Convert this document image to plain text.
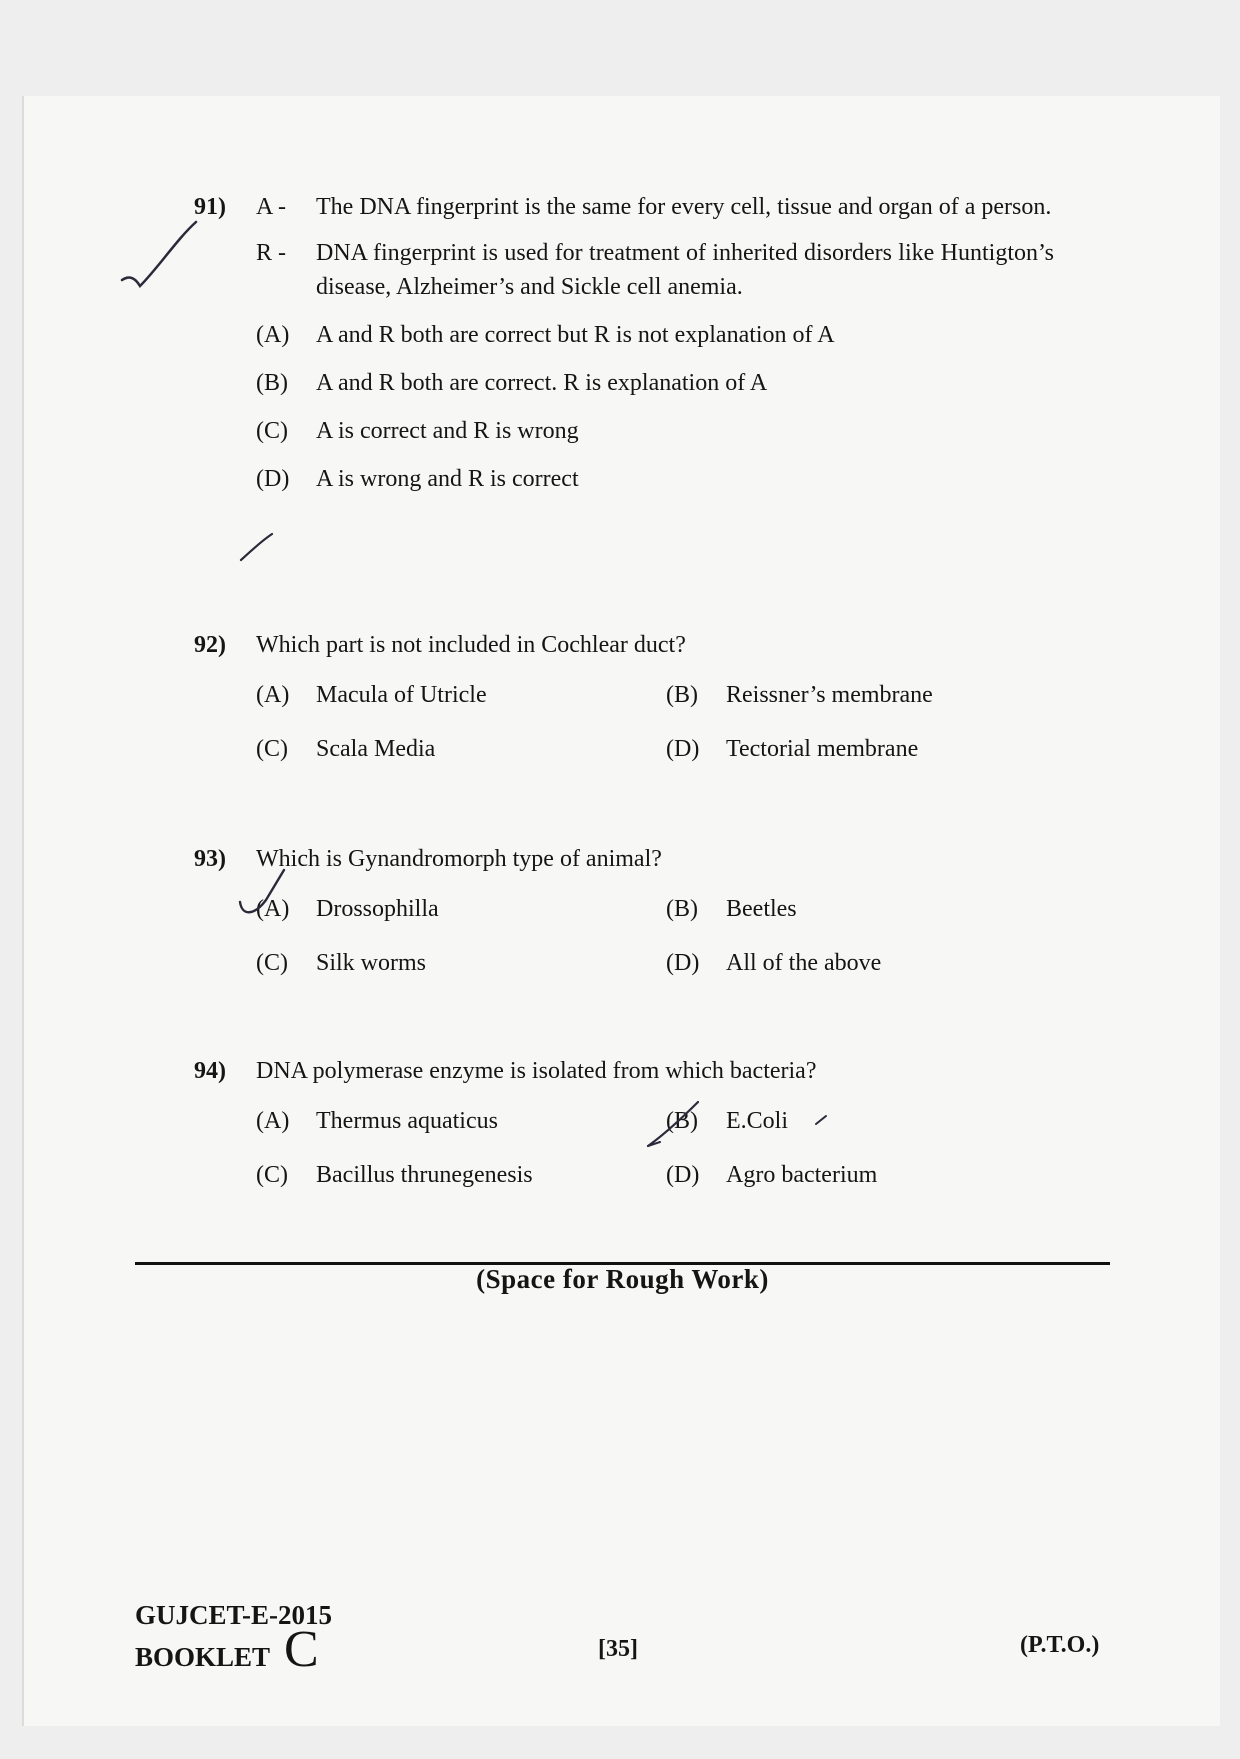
91)	A -	The DNA fingerprint is the same for every cell, tissue and organ of a person.
R -	DNA fingerprint is used for treatment of inherited disorders like Huntigton’s disease, Alzheimer’s and Sickle cell anemia.
(A)	A and R both are correct but R is not explanation of A
(B)	A and R both are correct. R is explanation of A
(C)	A is correct and R is wrong
(D)	A is wrong and R is correct
92)	Which part is not included in Cochlear duct?
(A)	Macula of Utricle	(B)	Reissner’s membrane
(C)	Scala Media	(D)	Tectorial membrane
93)	Which is Gynandromorph type of animal?
(A)	Drossophilla	(B)	Beetles
(C)	Silk worms	(D)	All of the above
94)	DNA polymerase enzyme is isolated from which bacteria?
(A)	Thermus aquaticus	(B)	E.Coli
(C)	Bacillus thrunegenesis	(D)	Agro bacterium
(Space for Rough Work)
GUJCET-E-2015
BOOKLET C	[35]	(P.T.O.)
